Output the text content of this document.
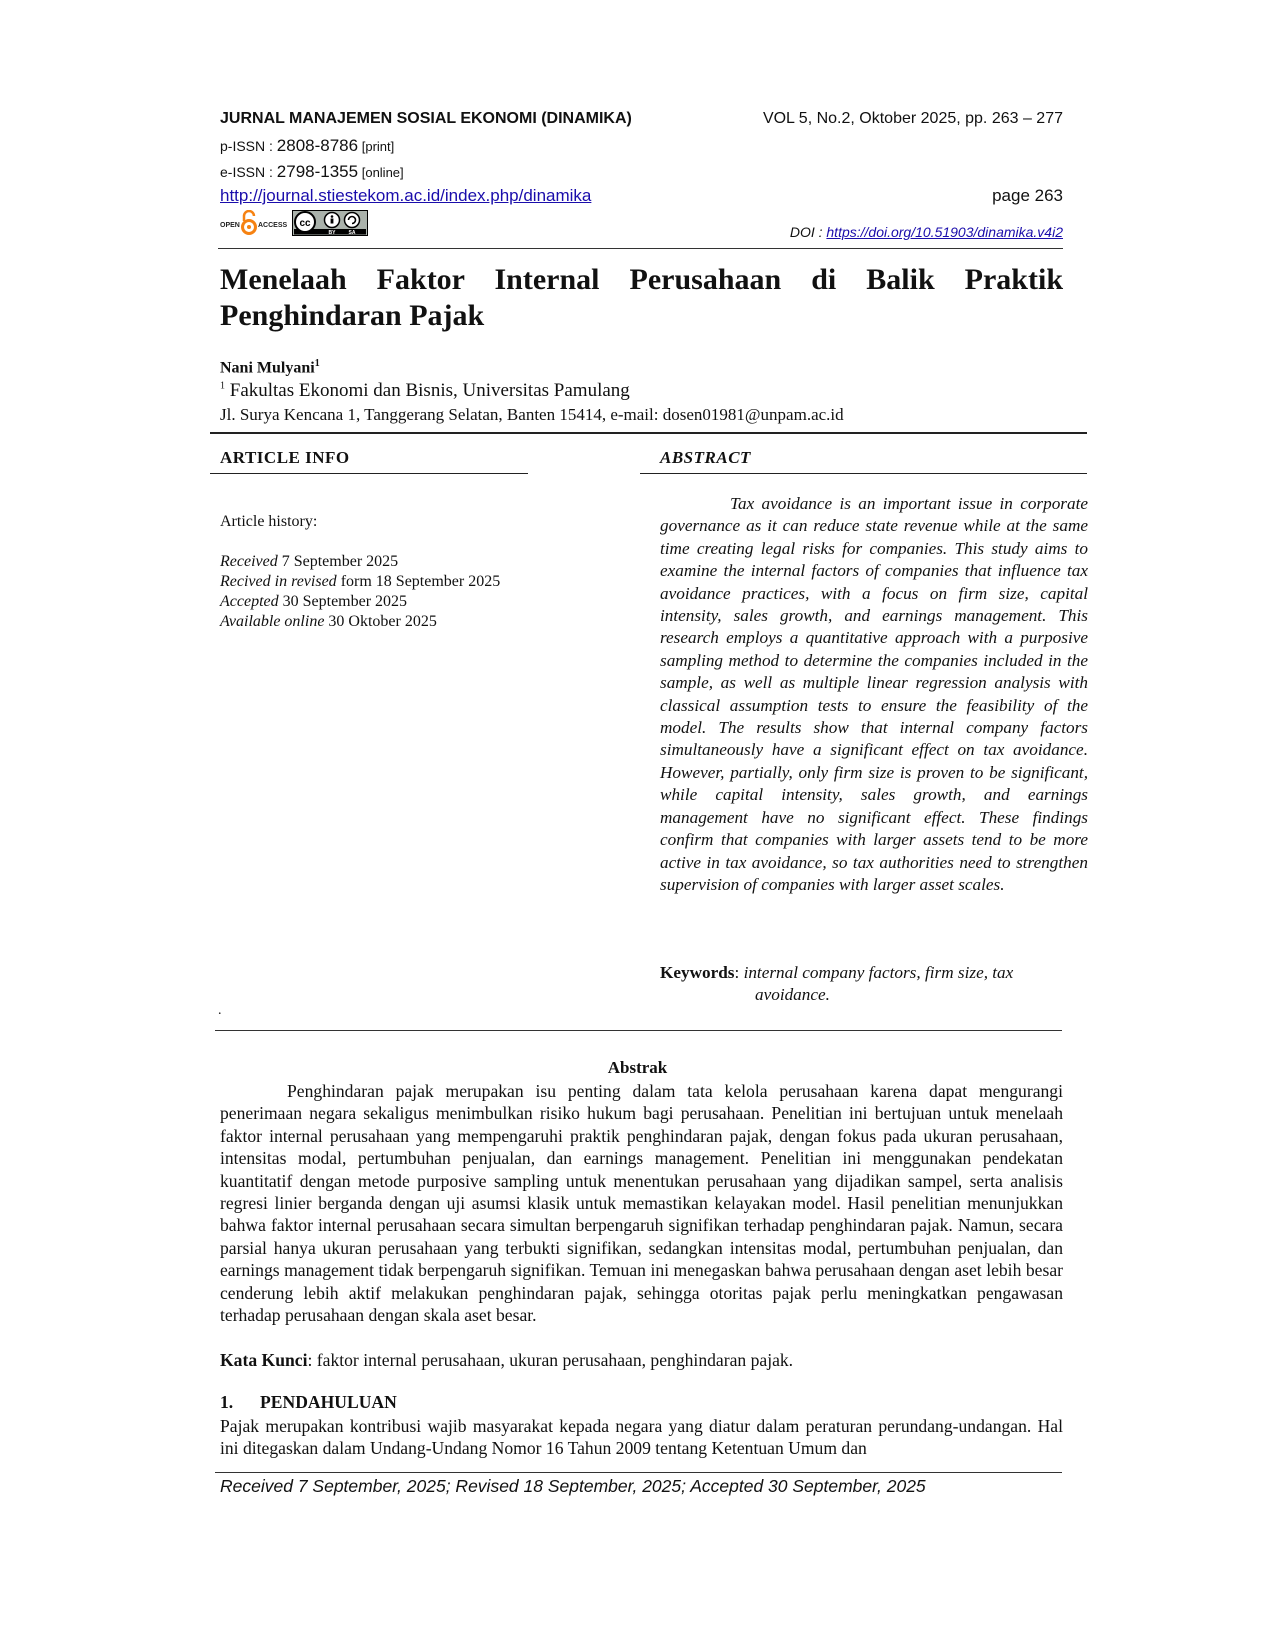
JURNAL MANAJEMEN SOSIAL EKONOMI (DINAMIKA)	VOL 5, No.2, Oktober 2025, pp. 263 – 277
p-ISSN : 2808-8786 [print]
e-ISSN : 2798-1355 [online]
http://journal.stiestekom.ac.id/index.php/dinamika	page 263
OPEN	ACCESS cc
BY	SA	DOI : https://doi.org/10.51903/dinamika.v4i2
Menelaah Faktor Internal Perusahaan di Balik Praktik Penghindaran Pajak
Nani Mulyani$^1$
$^1$ Fakultas Ekonomi dan Bisnis, Universitas Pamulang
Jl. Surya Kencana 1, Tanggerang Selatan, Banten 15414, e-mail: dosen01981@unpam.ac.id
ARTICLE INFO	ABSTRACT
Article history:
Received 7 September 2025
Recived in revised form 18 September 2025
Accepted 30 September 2025
Available online 30 Oktober 2025
Tax avoidance is an important issue in corporate governance as it can reduce state revenue while at the same time creating legal risks for companies. This study aims to examine the internal factors of companies that influence tax avoidance practices, with a focus on firm size, capital intensity, sales growth, and earnings management. This research employs a quantitative approach with a purposive sampling method to determine the companies included in the sample, as well as multiple linear regression analysis with classical assumption tests to ensure the feasibility of the model. The results show that internal company factors simultaneously have a significant effect on tax avoidance. However, partially, only firm size is proven to be significant, while capital intensity, sales growth, and earnings management have no significant effect. These findings confirm that companies with larger assets tend to be more active in tax avoidance, so tax authorities need to strengthen supervision of companies with larger asset scales.
Keywords: internal company factors, firm size, tax
avoidance.
.
Abstrak
Penghindaran pajak merupakan isu penting dalam tata kelola perusahaan karena dapat mengurangi penerimaan negara sekaligus menimbulkan risiko hukum bagi perusahaan. Penelitian ini bertujuan untuk menelaah faktor internal perusahaan yang mempengaruhi praktik penghindaran pajak, dengan fokus pada ukuran perusahaan, intensitas modal, pertumbuhan penjualan, dan earnings management. Penelitian ini menggunakan pendekatan kuantitatif dengan metode purposive sampling untuk menentukan perusahaan yang dijadikan sampel, serta analisis regresi linier berganda dengan uji asumsi klasik untuk memastikan kelayakan model. Hasil penelitian menunjukkan bahwa faktor internal perusahaan secara simultan berpengaruh signifikan terhadap penghindaran pajak. Namun, secara parsial hanya ukuran perusahaan yang terbukti signifikan, sedangkan intensitas modal, pertumbuhan penjualan, dan earnings management tidak berpengaruh signifikan. Temuan ini menegaskan bahwa perusahaan dengan aset lebih besar cenderung lebih aktif melakukan penghindaran pajak, sehingga otoritas pajak perlu meningkatkan pengawasan terhadap perusahaan dengan skala aset besar.
Kata Kunci: faktor internal perusahaan, ukuran perusahaan, penghindaran pajak.
1. PENDAHULUAN
Pajak merupakan kontribusi wajib masyarakat kepada negara yang diatur dalam peraturan perundang-undangan. Hal ini ditegaskan dalam Undang-Undang Nomor 16 Tahun 2009 tentang Ketentuan Umum dan
Received 7 September, 2025; Revised 18 September, 2025; Accepted 30 September, 2025
